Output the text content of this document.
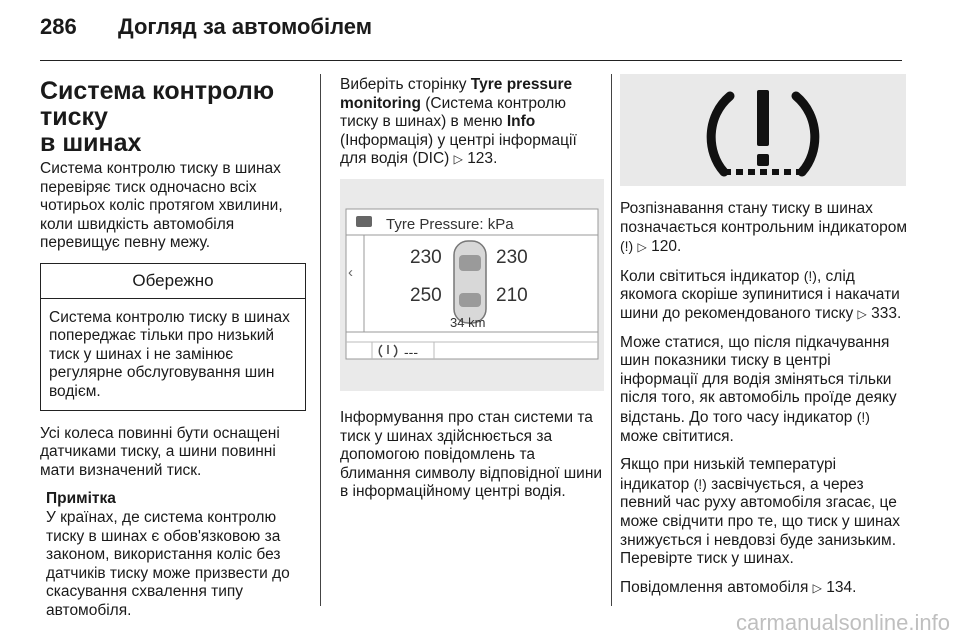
286	Догляд за автомобілем
Система контролю тиску
в шинах

Система контролю тиску в шинах перевіряє тиск одночасно всіх чотирьох коліс протягом хвилини, коли швидкість автомобіля перевищує певну межу.

Обережно
Система контролю тиску в шинах попереджає тільки про низький тиск у шинах і не замінює регулярне обслуговування шин водієм.

Усі колеса повинні бути оснащені датчиками тиску, а шини повинні мати визначений тиск.

Примітка

У країнах, де система контролю тиску в шинах є обов'язковою за законом, використання коліс без датчиків тиску може призвести до скасування схвалення типу автомобіля.

Виберіть сторінку Tyre pressure monitoring (Система контролю тиску в шинах) в меню Info (Інформація) у центрі інформації для водія (DIC) ▷ 123.

Tyre Pressure: kPa
‹
230	230
250	210
34 km
---

Інформування про стан системи та тиск у шинах здійснюється за допомогою повідомлень та блимання символу відповідної шини в інформаційному центрі водія.

Розпізнавання стану тиску в шинах позначається контрольним індикатором (!) ▷ 120.

Коли світиться індикатор (!), слід якомога скоріше зупинитися і накачати шини до рекомендованого тиску ▷ 333.

Може статися, що після підкачування шин показники тиску в центрі інформації для водія зміняться тільки після того, як автомобіль проїде деяку відстань. До того часу індикатор (!) може світитися.

Якщо при низькій температурі індикатор (!) засвічується, а через певний час руху автомобіля згасає, це може свідчити про те, що тиск у шинах знижується і невдовзі буде занизьким. Перевірте тиск у шинах.

Повідомлення автомобіля ▷ 134.

carmanualsonline.info
